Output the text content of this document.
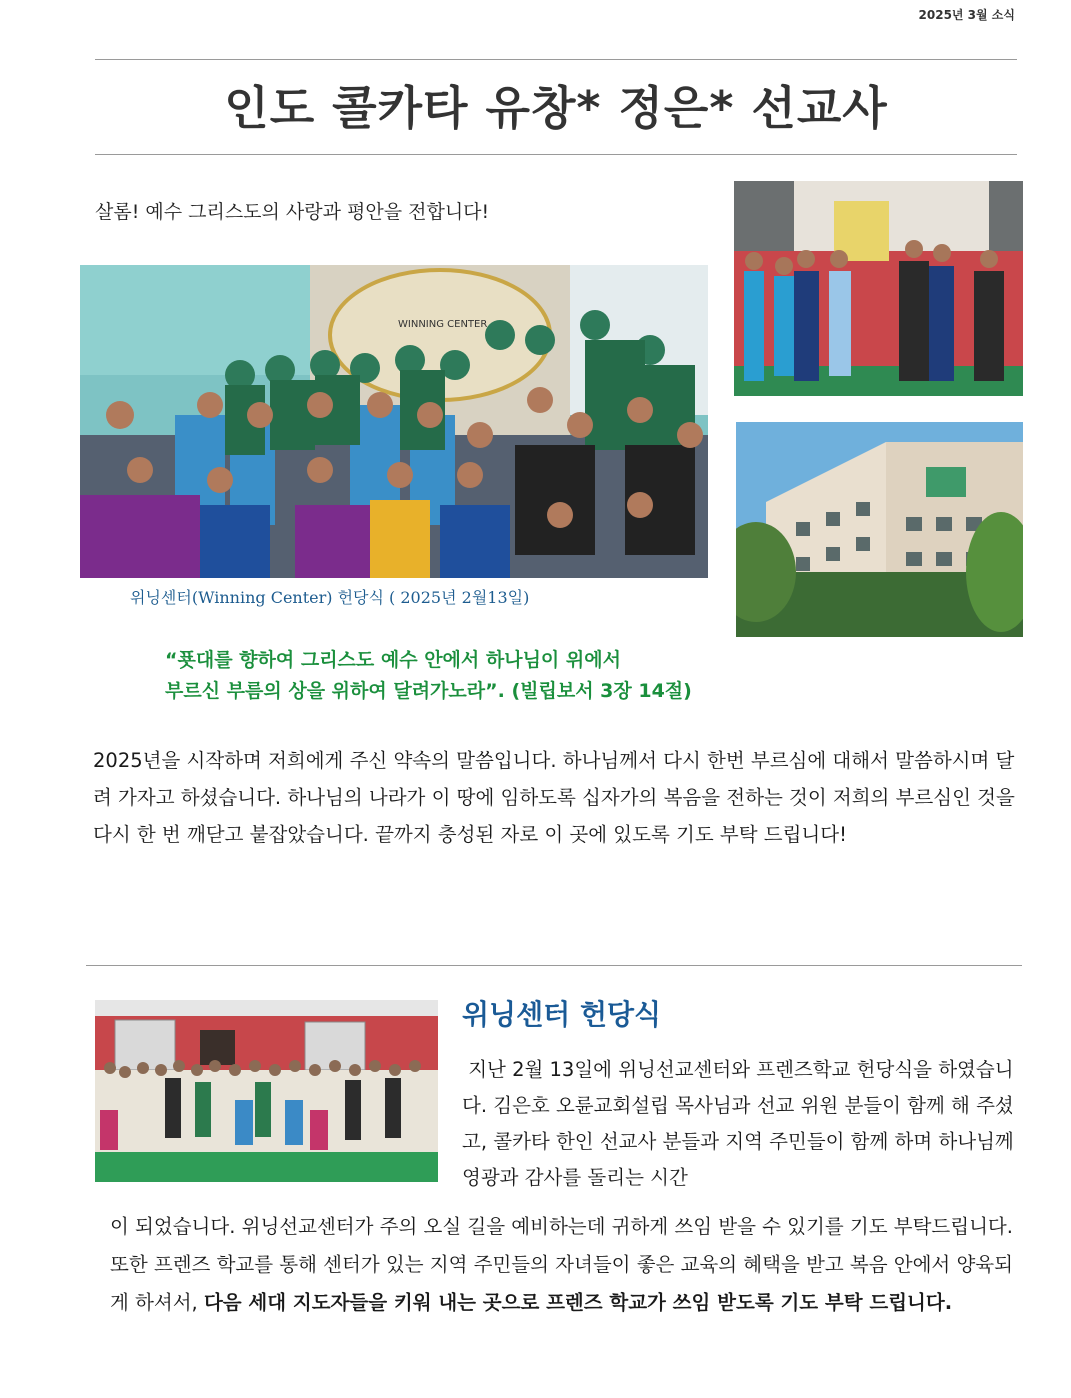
2025년 3월 소식
인도 콜카타 유창* 정은* 선교사
살롬! 예수 그리스도의 사랑과 평안을 전합니다!
WINNING CENTER
위닝센터(Winning Center) 헌당식 ( 2025년 2월13일)
“푯대를 향하여 그리스도 예수 안에서 하나님이 위에서
부르신 부름의 상을 위하여 달려가노라”. (빌립보서 3장 14절)

2025년을 시작하며 저희에게 주신 약속의 말씀입니다. 하나님께서 다시 한번 부르심에 대해서 말씀하시며 달려 가자고 하셨습니다. 하나님의 나라가 이 땅에 임하도록 십자가의 복음을 전하는 것이 저희의 부르심인 것을 다시 한 번 깨닫고 붙잡았습니다. 끝까지 충성된 자로 이 곳에 있도록 기도 부탁 드립니다!

위닝센터 헌당식

지난 2월 13일에 위닝선교센터와 프렌즈학교 헌당식을 하였습니다. 김은호 오륜교회설립 목사님과 선교 위원 분들이 함께 해 주셨고, 콜카타 한인 선교사 분들과 지역 주민들이 함께 하며 하나님께 영광과 감사를 돌리는 시간

이 되었습니다. 위닝선교센터가 주의 오실 길을 예비하는데 귀하게 쓰임 받을 수 있기를 기도 부탁드립니다. 또한 프렌즈 학교를 통해 센터가 있는 지역 주민들의 자녀들이 좋은 교육의 혜택을 받고 복음 안에서 양육되게 하셔서, 다음 세대 지도자들을 키워 내는 곳으로 프렌즈 학교가 쓰임 받도록 기도 부탁 드립니다.
